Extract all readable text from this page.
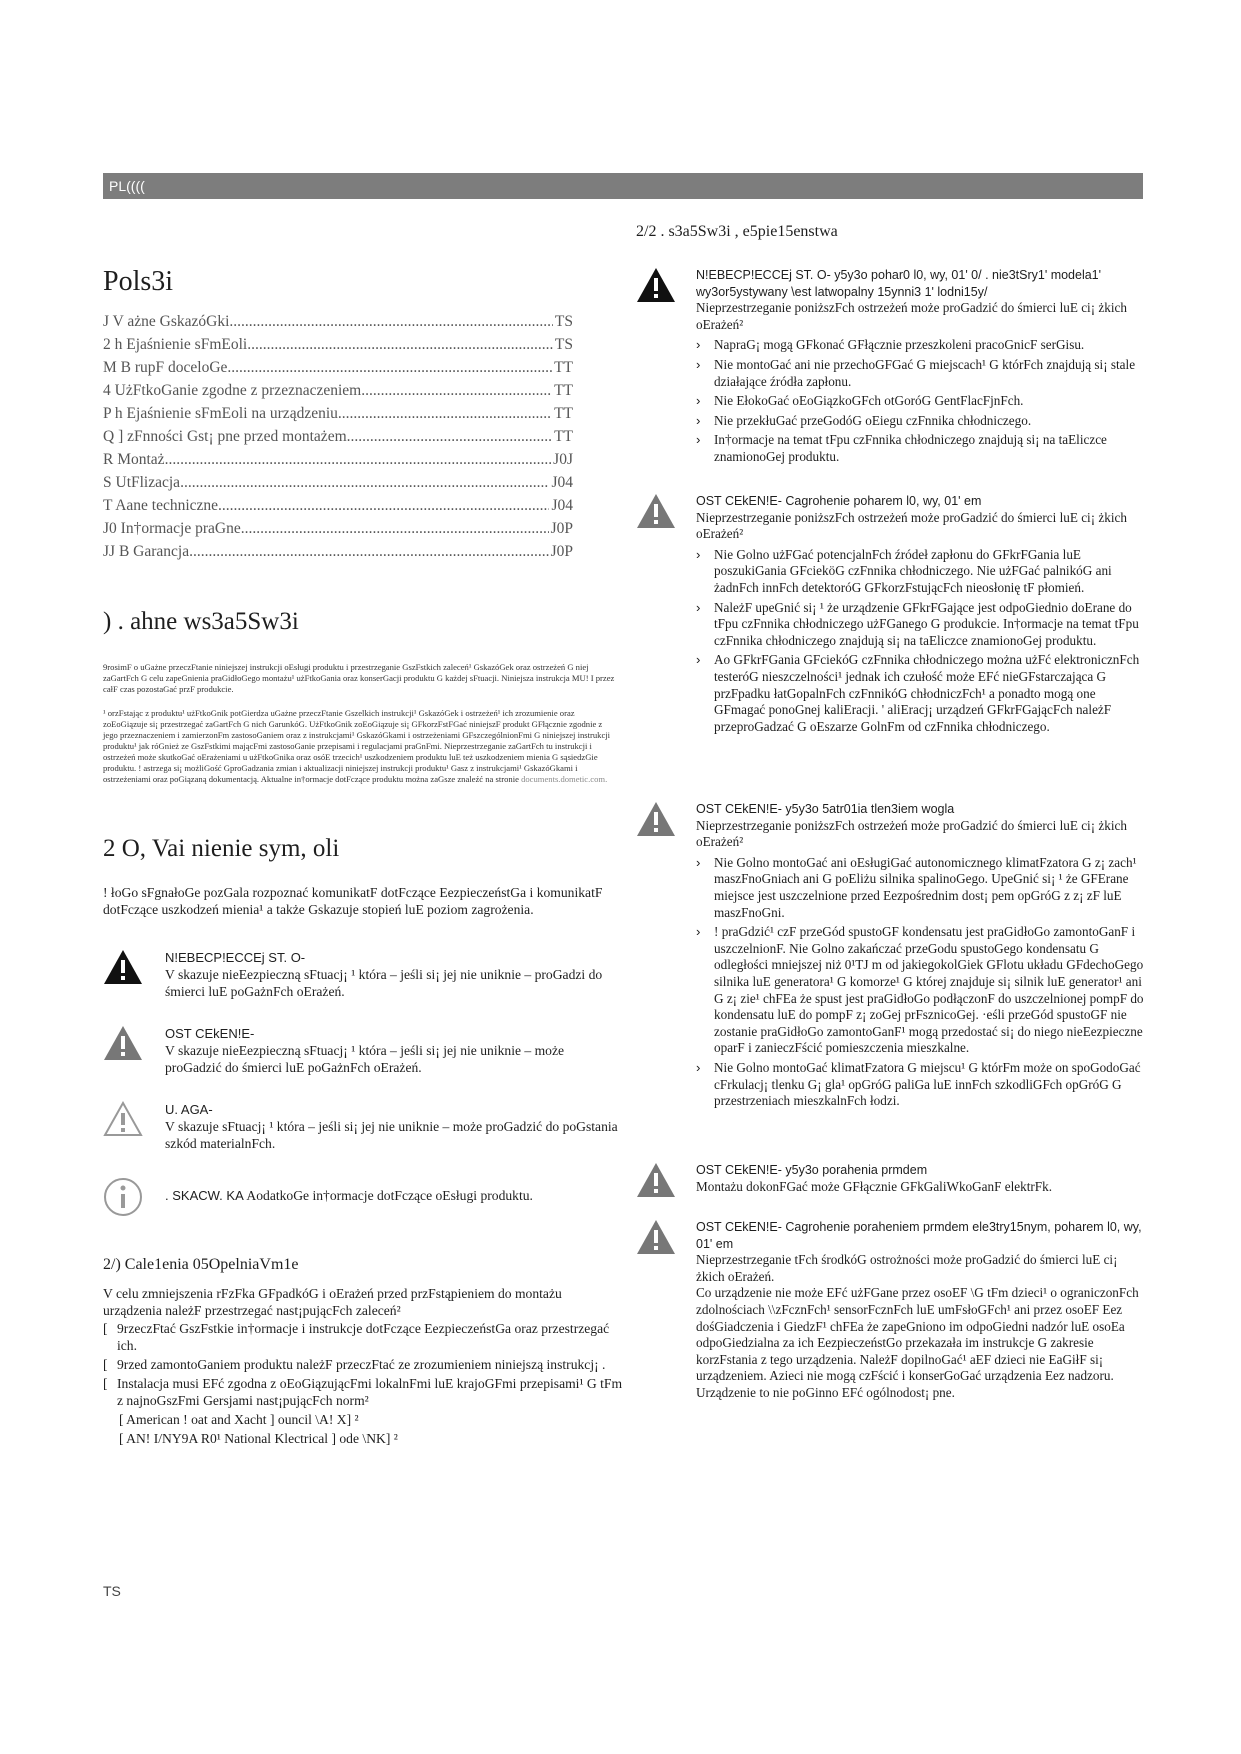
PL((((
Pols3i
J V ażne GskazóGki .....	TS
2 h Ejaśnienie sFmEoli .....	TS
M B rupF doceloGe .....	TT
4 UżFtkoGanie zgodne z przeznaczeniem .....	TT
P h Ejaśnienie sFmEoli na urządzeniu .....	TT
Q ] zFnności Gst¡ pne przed montażem .....	TT
R Montaż .....	J0J
S UtFlizacja .....	J04
T Aane techniczne .....	J04
J0 In†ormacje praGne .....	J0P
JJ B Garancja .....	J0P
) . ahne ws3a5Sw3i
9rosimF o uGażne przeczFtanie niniejszej instrukcji oEsługi produktu i przestrzeganie GszFstkich zaleceń¹ GskazóGek oraz ostrzeżeń G niej zaGartFch G celu zapeGnienia praGidłoGego montażu¹ użFtkoGania oraz konserGacji produktu G każdej sFtuacji. Niniejsza instrukcja MU! I przez całF czas pozostaGać przF produkcie.
¹ orzFstając z produktu¹ użFtkoGnik potGierdza uGażne przeczFtanie Gszelkich instrukcji¹ GskazóGek i ostrzeżeń¹ ich zrozumienie oraz zoEoGiązuje si¡ przestrzegać zaGartFch G nich GarunkóG. UżFtkoGnik zoEoGiązuje si¡ GFkorzFstFGać niniejszF produkt GFłącznie zgodnie z jego przeznaczeniem i zamierzonFm zastosoGaniem oraz z instrukcjami¹ GskazóGkami i ostrzeżeniami GFszczególnionFmi G niniejszej instrukcji produktu¹ jak róGnież ze GszFstkimi mającFmi zastosoGanie przepisami i regulacjami praGnFmi. Nieprzestrzeganie zaGartFch tu instrukcji i ostrzeżeń może skutkoGać oErażeniami u użFtkoGnika oraz osóE trzecich¹ uszkodzeniem produktu luE też uszkodzeniem mienia G sąsiedzGie produktu. ! astrzega si¡ możliGość GproGadzania zmian i aktualizacji niniejszej instrukcji produktu¹ Gasz z instrukcjami¹ GskazóGkami i ostrzeżeniami oraz poGiązaną dokumentacją. Aktualne in†ormacje dotFczące produktu można zaGsze znaleźć na stronie documents.dometic.com.
2 O, Vai nienie sym, oli
! łoGo sFgnałoGe pozGala rozpoznać komunikatF dotFczące EezpieczeństGa i komunikatF dotFczące uszkodzeń mienia¹ a także Gskazuje stopień luE poziom zagrożenia.
N!EBECP!ECCEj ST. O-
V skazuje nieEezpieczną sFtuacj¡ ¹ która – jeśli si¡ jej nie uniknie – proGadzi do śmierci luE poGażnFch oErażeń.
OST CEkEN!E-
V skazuje nieEezpieczną sFtuacj¡ ¹ która – jeśli si¡ jej nie uniknie – może proGadzić do śmierci luE poGażnFch oErażeń.
U. AGA-
V skazuje sFtuacj¡ ¹ która – jeśli si¡ jej nie uniknie – może proGadzić do poGstania szkód materialnFch.
. SKACW. KA AodatkoGe in†ormacje dotFczące oEsługi produktu.
2/) Cale1enia 05OpelniaVm1e
V celu zmniejszenia rFzFka GFpadkóG i oErażeń przed przFstąpieniem do montażu urządzenia należF przestrzegać nast¡pującFch zaleceń²
[ 9rzeczFtać GszFstkie in†ormacje i instrukcje dotFczące EezpieczeństGa oraz przestrzegać ich.
[ 9rzed zamontoGaniem produktu należF przeczFtać ze zrozumieniem niniejszą instrukcj¡ .
[ Instalacja musi EFć zgodna z oEoGiązującFmi lokalnFmi luE krajoGFmi przepisami¹ G tFm z najnoGszFmi Gersjami nast¡pującFch norm²
[ American ! oat and Xacht ] ouncil \A! X] ²
[ AN! I/NY9A R0¹ National Klectrical ] ode \NK] ²
2/2 . s3a5Sw3i , e5pie15enstwa
N!EBECP!ECCEj ST. O- y5y3o pohar0 l0, wy, 01' 0/ . nie3tSry1' modela1' wy3or5ystywany \est latwopalny 15ynni3 1' lodni15y/
Nieprzestrzeganie poniższFch ostrzeżeń może proGadzić do śmierci luE ci¡ żkich oErażeń²
›	NapraG¡ mogą GFkonać GFłącznie przeszkoleni pracoGnicF serGisu.
›	Nie montoGać ani nie przechoGFGać G miejscach¹ G którFch znajdują si¡ stale działające źródła zapłonu.
›	Nie EłokoGać oEoGiązkoGFch otGoróG GentFlacFjnFch.
›	Nie przekłuGać przeGodóG oEiegu czFnnika chłodniczego.
›	In†ormacje na temat tFpu czFnnika chłodniczego znajdują si¡ na taEliczce znamionoGej produktu.
OST CEkEN!E- Cagrohenie poharem l0, wy, 01' em
Nieprzestrzeganie poniższFch ostrzeżeń może proGadzić do śmierci luE ci¡ żkich oErażeń²
›	Nie Golno użFGać potencjalnFch źródeł zapłonu do GFkrFGania luE poszukiGania GFcieköG czFnnika chłodniczego. Nie użFGać palnikóG ani żadnFch innFch detektoróG GFkorzFstującFch nieosłonię tF płomień.
›	NależF upeGnić si¡ ¹ że urządzenie GFkrFGające jest odpoGiednio doErane do tFpu czFnnika chłodniczego użFGanego G produkcie. In†ormacje na temat tFpu czFnnika chłodniczego znajdują si¡ na taEliczce znamionoGej produktu.
›	Ao GFkrFGania GFciekóG czFnnika chłodniczego można użFć elektronicznFch testeróG nieszczelności¹ jednak ich czułość może EFć nieGFstarczająca G przFpadku łatGopalnFch czFnnikóG chłodniczFch¹ a ponadto mogą one GFmagać ponoGnej kaliEracji. ' aliEracj¡ urządzeń GFkrFGającFch należF przeproGadzać G oEszarze GolnFm od czFnnika chłodniczego.
OST CEkEN!E- y5y3o 5atr01ia tlen3iem wogla
Nieprzestrzeganie poniższFch ostrzeżeń może proGadzić do śmierci luE ci¡ żkich oErażeń²
›	Nie Golno montoGać ani oEsługiGać autonomicznego klimatFzatora G z¡ zach¹ maszFnoGniach ani G poEliżu silnika spalinoGego. UpeGnić si¡ ¹ że GFErane miejsce jest uszczelnione przed Eezpośrednim dost¡ pem opGróG z z¡ zF luE maszFnoGni.
›	! praGdzić¹ czF przeGód spustoGF kondensatu jest praGidłoGo zamontoGanF i uszczelnionF. Nie Golno zakańczać przeGodu spustoGego kondensatu G odległości mniejszej niż 0¹TJ m od jakiegokolGiek GFlotu układu GFdechoGego silnika luE generatora¹ G komorze¹ G której znajduje si¡ silnik luE generator¹ ani G z¡ zie¹ chFEa że spust jest praGidłoGo podłączonF do uszczelnionej pompF do kondensatu luE do pompF z¡ zoGej prFsznicoGej. ·eśli przeGód spustoGF nie zostanie praGidłoGo zamontoGanF¹ mogą przedostać si¡ do niego nieEezpieczne oparF i zanieczFścić pomieszczenia mieszkalne.
›	Nie Golno montoGać klimatFzatora G miejscu¹ G którFm może on spoGodoGać cFrkulacj¡ tlenku G¡ gla¹ opGróG paliGa luE innFch szkodliGFch opGróG G przestrzeniach mieszkalnFch łodzi.
OST CEkEN!E- y5y3o porahenia prmdem
Montażu dokonFGać może GFłącznie GFkGaliWkoGanF elektrFk.
OST CEkEN!E- Cagrohenie poraheniem prmdem ele3try15nym, poharem l0, wy, 01' em
Nieprzestrzeganie tFch środkóG ostrożności może proGadzić do śmierci luE ci¡ żkich oErażeń.
Co urządzenie nie może EFć użFGane przez osoEF \G tFm dzieci¹ o ograniczonFch zdolnościach \\zFcznFch¹ sensorFcznFch luE umFsłoGFch¹ ani przez osoEF Eez dośGiadczenia i GiedzF¹ chFEa że zapeGniono im odpoGiedni nadzór luE osoEa odpoGiedzialna za ich EezpieczeństGo przekazała im instrukcje G zakresie korzFstania z tego urządzenia. NależF dopilnoGać¹ aEF dzieci nie EaGiłF si¡ urządzeniem. Azieci nie mogą czFścić i konserGoGać urządzenia Eez nadzoru. Urządzenie to nie poGinno EFć ogólnodost¡ pne.
TS
